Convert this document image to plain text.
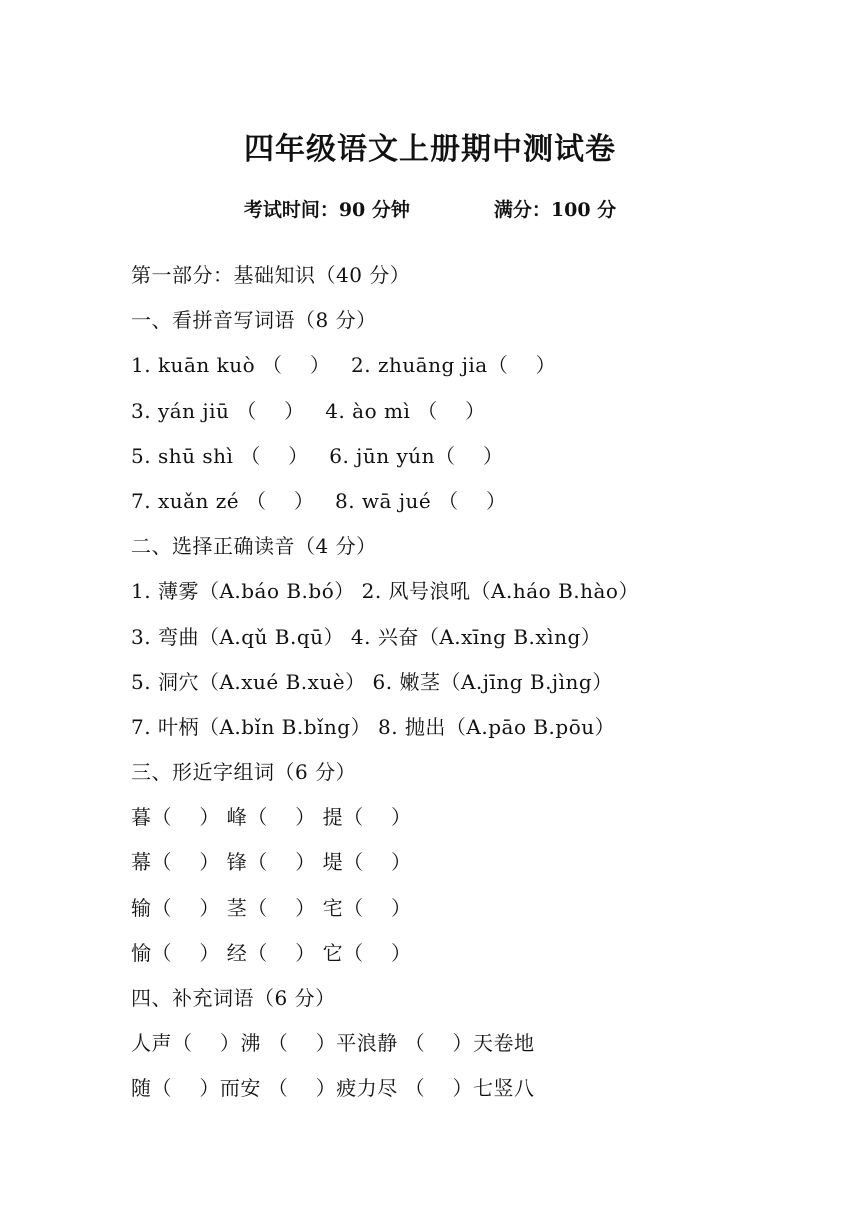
四年级语文上册期中测试卷
考试时间：90 分钟	满分：100 分
第一部分：基础知识（40 分）
一、看拼音写词语（8 分）
1. kuān kuò （    ）   2. zhuāng jia（    ）
3. yán jiū （    ）   4. ào mì （    ）
5. shū shì （    ）   6. jūn yún（    ）
7. xuǎn zé （    ）   8. wā jué （    ）
二、选择正确读音（4 分）
1. 薄雾（A.báo B.bó） 2. 风号浪吼（A.háo B.hào）
3. 弯曲（A.qǔ B.qū） 4. 兴奋（A.xīng B.xìng）
5. 洞穴（A.xué B.xuè） 6. 嫩茎（A.jīng B.jìng）
7. 叶柄（A.bǐn B.bǐng） 8. 抛出（A.pāo B.pōu）
三、形近字组词（6 分）
暮（    ） 峰（    ） 提（    ）
幕（    ） 锋（    ） 堤（    ）
输（    ） 茎（    ） 宅（    ）
愉（    ） 经（    ） 它（    ）
四、补充词语（6 分）
人声（    ）沸 （    ）平浪静 （    ）天卷地
随（    ）而安 （    ）疲力尽 （    ）七竖八
